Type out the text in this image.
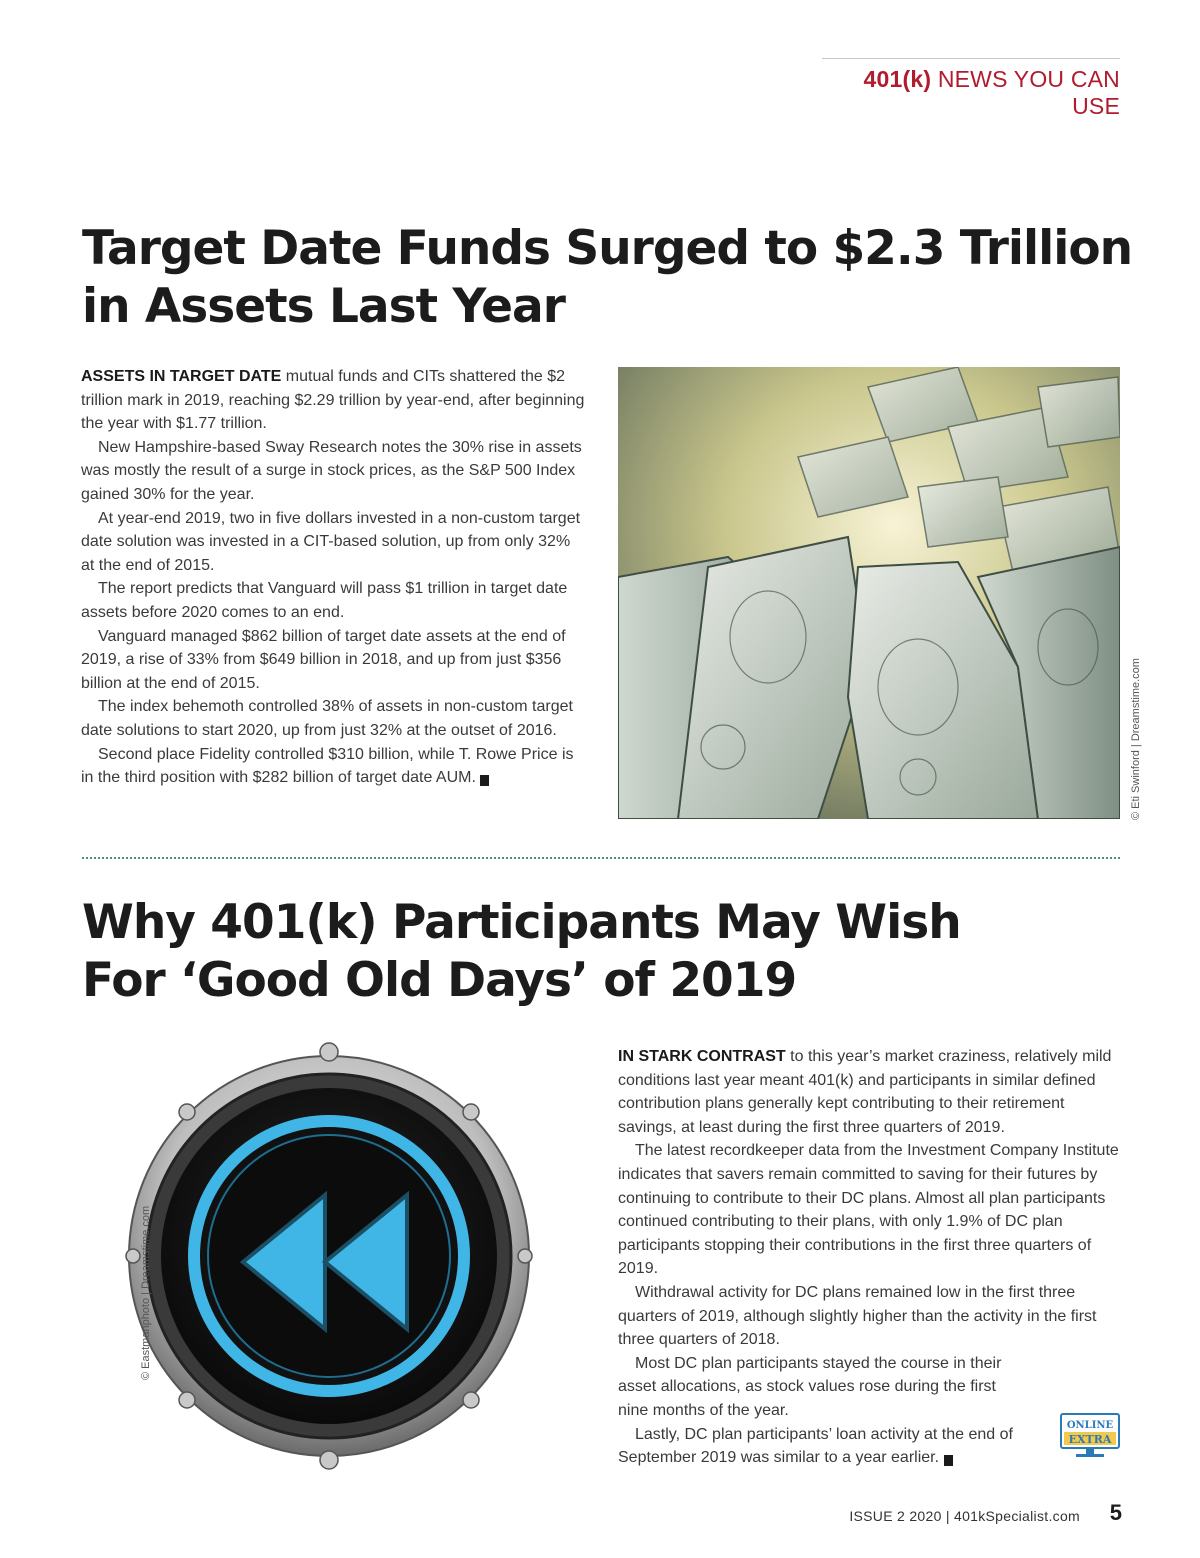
401(k) NEWS YOU CAN USE
Target Date Funds Surged to $2.3 Trillion
in Assets Last Year

ASSETS IN TARGET DATE mutual funds and CITs shattered the $2 trillion mark in 2019, reaching $2.29 trillion by year-end, after beginning the year with $1.77 trillion.

New Hampshire-based Sway Research notes the 30% rise in assets was mostly the result of a surge in stock prices, as the S&P 500 Index gained 30% for the year.

At year-end 2019, two in five dollars invested in a non-custom target date solution was invested in a CIT-based solution, up from only 32% at the end of 2015.

The report predicts that Vanguard will pass $1 trillion in target date assets before 2020 comes to an end.

Vanguard managed $862 billion of target date assets at the end of 2019, a rise of 33% from $649 billion in 2018, and up from just $356 billion at the end of 2015.

The index behemoth controlled 38% of assets in non-custom target date solutions to start 2020, up from just 32% at the outset of 2016.

Second place Fidelity controlled $310 billion, while T. Rowe Price is in the third position with $282 billion of target date AUM. K	© Eti Swinford | Dreamstime.com
Why 401(k) Participants May Wish
For ‘Good Old Days’ of 2019
© Eastmanphoto | Dreamstime.com

IN STARK CONTRAST to this year’s market craziness, relatively mild conditions last year meant 401(k) and participants in similar defined contribution plans generally kept contributing to their retirement savings, at least during the first three quarters of 2019.

The latest recordkeeper data from the Investment Company Institute indicates that savers remain committed to saving for their futures by continuing to contribute to their DC plans. Almost all plan participants continued contributing to their plans, with only 1.9% of DC plan participants stopping their contributions in the first three quarters of 2019.

Withdrawal activity for DC plans remained low in the first three quarters of 2019, although slightly higher than the activity in the first three quarters of 2018.

Most DC plan participants stayed the course in their asset allocations, as stock values rose during the first nine months of the year.

Lastly, DC plan participants’ loan activity at the end of September 2019 was similar to a year earlier. K

ONLINE
EXTRA
ISSUE 2 2020 | 401kSpecialist.com	5
